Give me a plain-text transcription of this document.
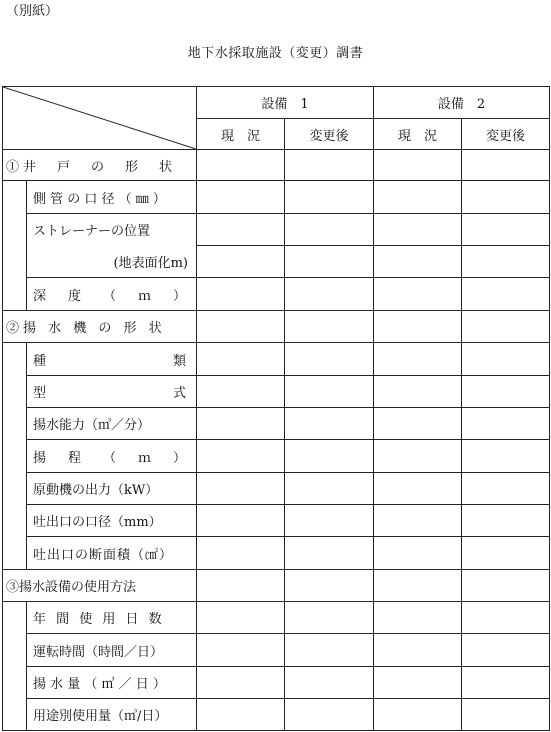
（別紙）
地下水採取施設（変更）調書
	設備　1		設備　2	
		現　況	変更後	現　況	変更後
①井　戸　の　形　状					
	側 管 の 口 径 （ ㎜ ）				
	ストレーナーの位置				
	(地表面化m)				

	深 度 （ ｍ ）				

②揚 水 機 の 形 状					

	種 類				

	型 式				

	揚水能力（㎥／分）				

	揚 程 （ ｍ ）				

	原動機の出力（kW）				
	吐出口の口径（mm）				
	吐出口の断面積（㎠）				
③揚水設備の使用方法					
	年 間 使 用 日 数				
	運転時間（時間／日）				
	揚 水 量 （ ㎥ ／ 日 ）				
	用途別使用量（㎥/日）				
